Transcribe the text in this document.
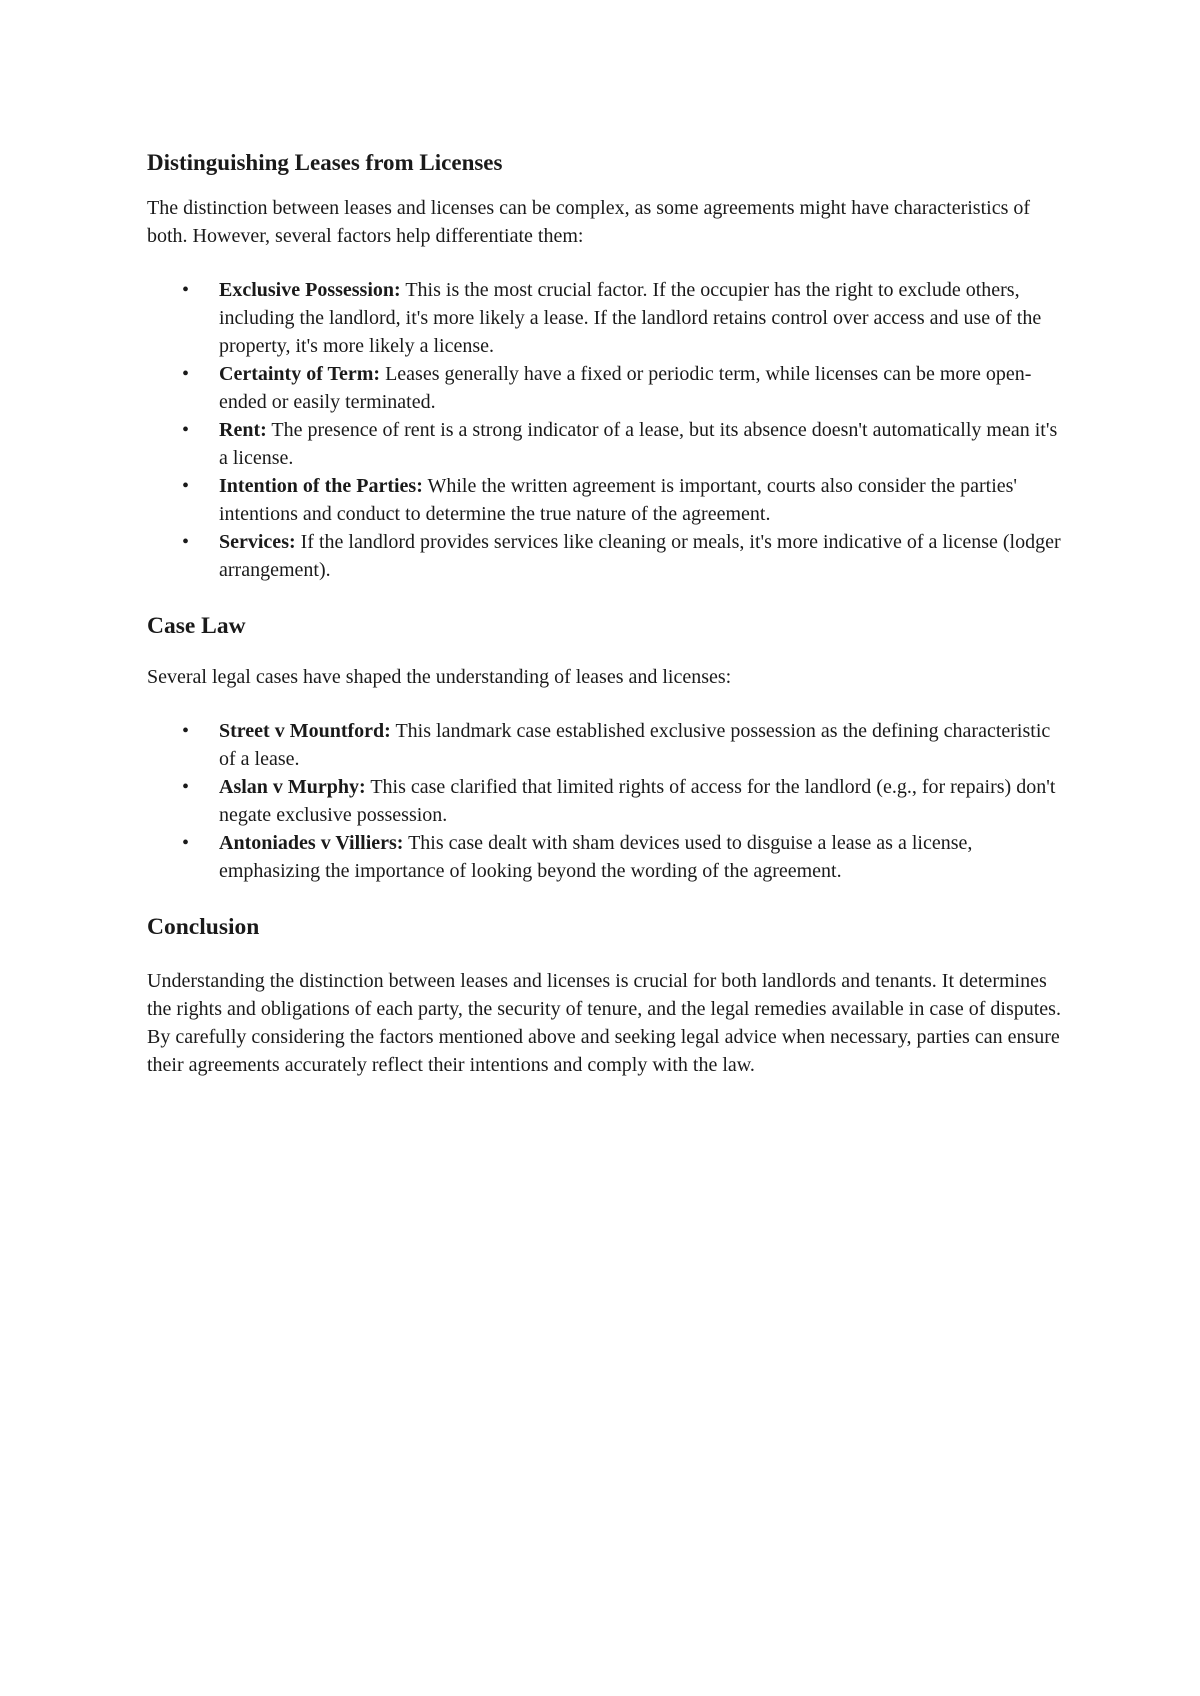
Distinguishing Leases from Licenses

The distinction between leases and licenses can be complex, as some agreements might have characteristics of both. However, several factors help differentiate them:

• Exclusive Possession: This is the most crucial factor. If the occupier has the right to exclude others, including the landlord, it's more likely a lease. If the landlord retains control over access and use of the property, it's more likely a license.
• Certainty of Term: Leases generally have a fixed or periodic term, while licenses can be more open-ended or easily terminated.
• Rent: The presence of rent is a strong indicator of a lease, but its absence doesn't automatically mean it's a license.
• Intention of the Parties: While the written agreement is important, courts also consider the parties' intentions and conduct to determine the true nature of the agreement.
• Services: If the landlord provides services like cleaning or meals, it's more indicative of a license (lodger arrangement).
Case Law

Several legal cases have shaped the understanding of leases and licenses:

• Street v Mountford: This landmark case established exclusive possession as the defining characteristic of a lease.
• Aslan v Murphy: This case clarified that limited rights of access for the landlord (e.g., for repairs) don't negate exclusive possession.
• Antoniades v Villiers: This case dealt with sham devices used to disguise a lease as a license, emphasizing the importance of looking beyond the wording of the agreement.
Conclusion

Understanding the distinction between leases and licenses is crucial for both landlords and tenants. It determines the rights and obligations of each party, the security of tenure, and the legal remedies available in case of disputes. By carefully considering the factors mentioned above and seeking legal advice when necessary, parties can ensure their agreements accurately reflect their intentions and comply with the law.
